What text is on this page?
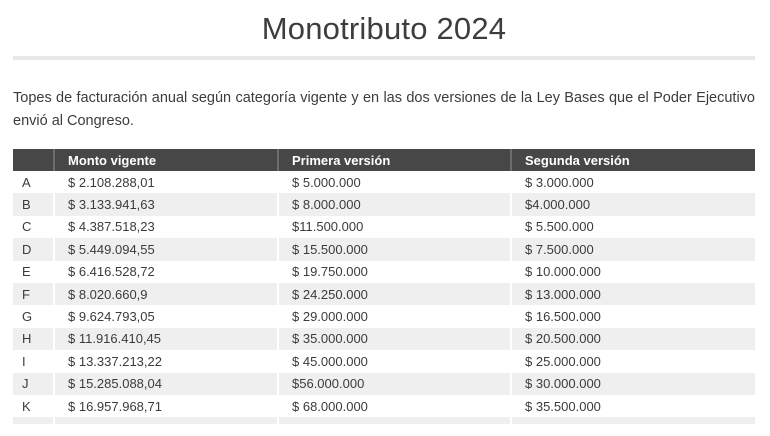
Monotributo 2024

Topes de facturación anual según categoría vigente y en las dos versiones de la Ley Bases que el Poder Ejecutivo envió al Congreso.

	Monto vigente	Primera versión	Segunda versión
A	$ 2.108.288,01	$ 5.000.000	$ 3.000.000
B	$ 3.133.941,63	$ 8.000.000	$4.000.000
C	$ 4.387.518,23	$11.500.000	$ 5.500.000
D	$ 5.449.094,55	$ 15.500.000	$ 7.500.000
E	$ 6.416.528,72	$ 19.750.000	$ 10.000.000
F	$ 8.020.660,9	$ 24.250.000	$ 13.000.000
G	$ 9.624.793,05	$ 29.000.000	$ 16.500.000
H	$ 11.916.410,45	$ 35.000.000	$ 20.500.000
I	$ 13.337.213,22	$ 45.000.000	$ 25.000.000
J	$ 15.285.088,04	$56.000.000	$ 30.000.000
K	$ 16.957.968,71	$ 68.000.000	$ 35.500.000
